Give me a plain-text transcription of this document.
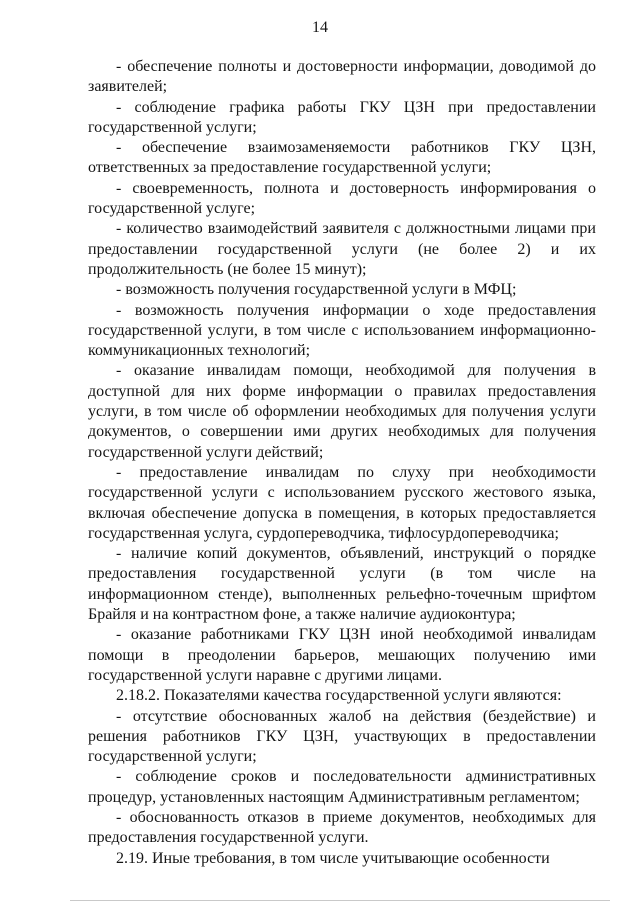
14

- обеспечение полноты и достоверности информации, доводимой до заявителей;

- соблюдение графика работы ГКУ ЦЗН при предоставлении государственной услуги;

- обеспечение взаимозаменяемости работников ГКУ ЦЗН, ответственных за предоставление государственной услуги;

- своевременность, полнота и достоверность информирования о государственной услуге;

- количество взаимодействий заявителя с должностными лицами при предоставлении государственной услуги (не более 2) и их продолжительность (не более 15 минут);

- возможность получения государственной услуги в МФЦ;

- возможность получения информации о ходе предоставления государственной услуги, в том числе с использованием информационно-коммуникационных технологий;

- оказание инвалидам помощи, необходимой для получения в доступной для них форме информации о правилах предоставления услуги, в том числе об оформлении необходимых для получения услуги документов, о совершении ими других необходимых для получения государственной услуги действий;

- предоставление инвалидам по слуху при необходимости государственной услуги с использованием русского жестового языка, включая обеспечение допуска в помещения, в которых предоставляется государственная услуга, сурдопереводчика, тифлосурдопереводчика;

- наличие копий документов, объявлений, инструкций о порядке предоставления государственной услуги (в том числе на информационном стенде), выполненных рельефно-точечным шрифтом Брайля и на контрастном фоне, а также наличие аудиоконтура;

- оказание работниками ГКУ ЦЗН иной необходимой инвалидам помощи в преодолении барьеров, мешающих получению ими государственной услуги наравне с другими лицами.

2.18.2. Показателями качества государственной услуги являются:

- отсутствие обоснованных жалоб на действия (бездействие) и решения работников ГКУ ЦЗН, участвующих в предоставлении государственной услуги;

- соблюдение сроков и последовательности административных процедур, установленных настоящим Административным регламентом;

- обоснованность отказов в приеме документов, необходимых для предоставления государственной услуги.

2.19. Иные требования, в том числе учитывающие особенности
